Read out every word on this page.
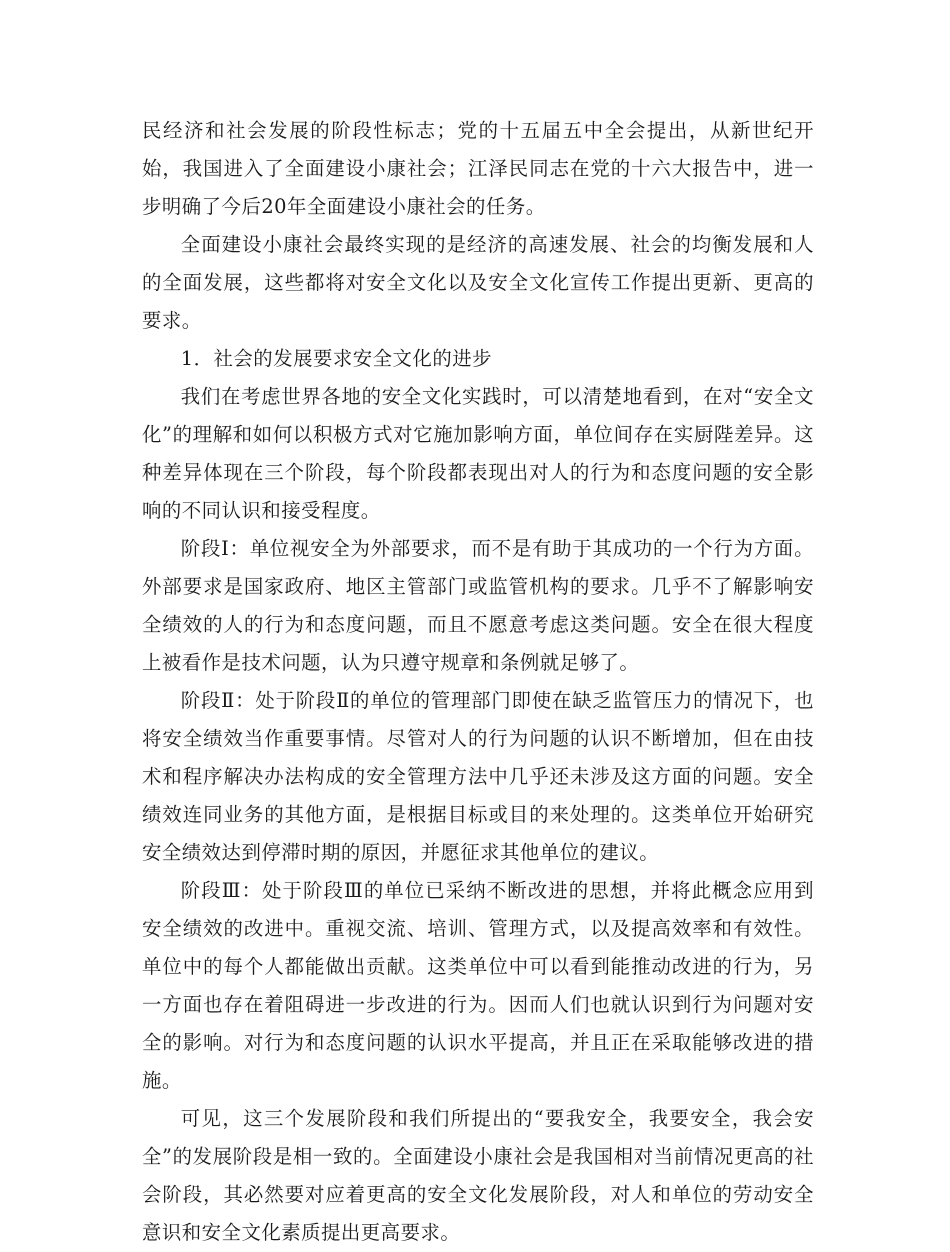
民经济和社会发展的阶段性标志；党的十五届五中全会提出，从新世纪开始，我国进入了全面建设小康社会；江泽民同志在党的十六大报告中，进一步明确了今后20年全面建设小康社会的任务。

全面建设小康社会最终实现的是经济的高速发展、社会的均衡发展和人的全面发展，这些都将对安全文化以及安全文化宣传工作提出更新、更高的要求。

1．社会的发展要求安全文化的进步

我们在考虑世界各地的安全文化实践时，可以清楚地看到，在对“安全文化”的理解和如何以积极方式对它施加影响方面，单位间存在实厨陛差异。这种差异体现在三个阶段，每个阶段都表现出对人的行为和态度问题的安全影响的不同认识和接受程度。

阶段Ⅰ：单位视安全为外部要求，而不是有助于其成功的一个行为方面。外部要求是国家政府、地区主管部门或监管机构的要求。几乎不了解影响安全绩效的人的行为和态度问题，而且不愿意考虑这类问题。安全在很大程度上被看作是技术问题，认为只遵守规章和条例就足够了。

阶段Ⅱ：处于阶段Ⅱ的单位的管理部门即使在缺乏监管压力的情况下，也将安全绩效当作重要事情。尽管对人的行为问题的认识不断增加，但在由技术和程序解决办法构成的安全管理方法中几乎还未涉及这方面的问题。安全绩效连同业务的其他方面，是根据目标或目的来处理的。这类单位开始研究安全绩效达到停滞时期的原因，并愿征求其他单位的建议。

阶段Ⅲ：处于阶段Ⅲ的单位已采纳不断改进的思想，并将此概念应用到安全绩效的改进中。重视交流、培训、管理方式，以及提高效率和有效性。单位中的每个人都能做出贡献。这类单位中可以看到能推动改进的行为，另一方面也存在着阻碍进一步改进的行为。因而人们也就认识到行为问题对安全的影响。对行为和态度问题的认识水平提高，并且正在采取能够改进的措施。

可见，这三个发展阶段和我们所提出的“要我安全，我要安全，我会安全”的发展阶段是相一致的。全面建设小康社会是我国相对当前情况更高的社会阶段，其必然要对应着更高的安全文化发展阶段，对人和单位的劳动安全意识和安全文化素质提出更高要求。
